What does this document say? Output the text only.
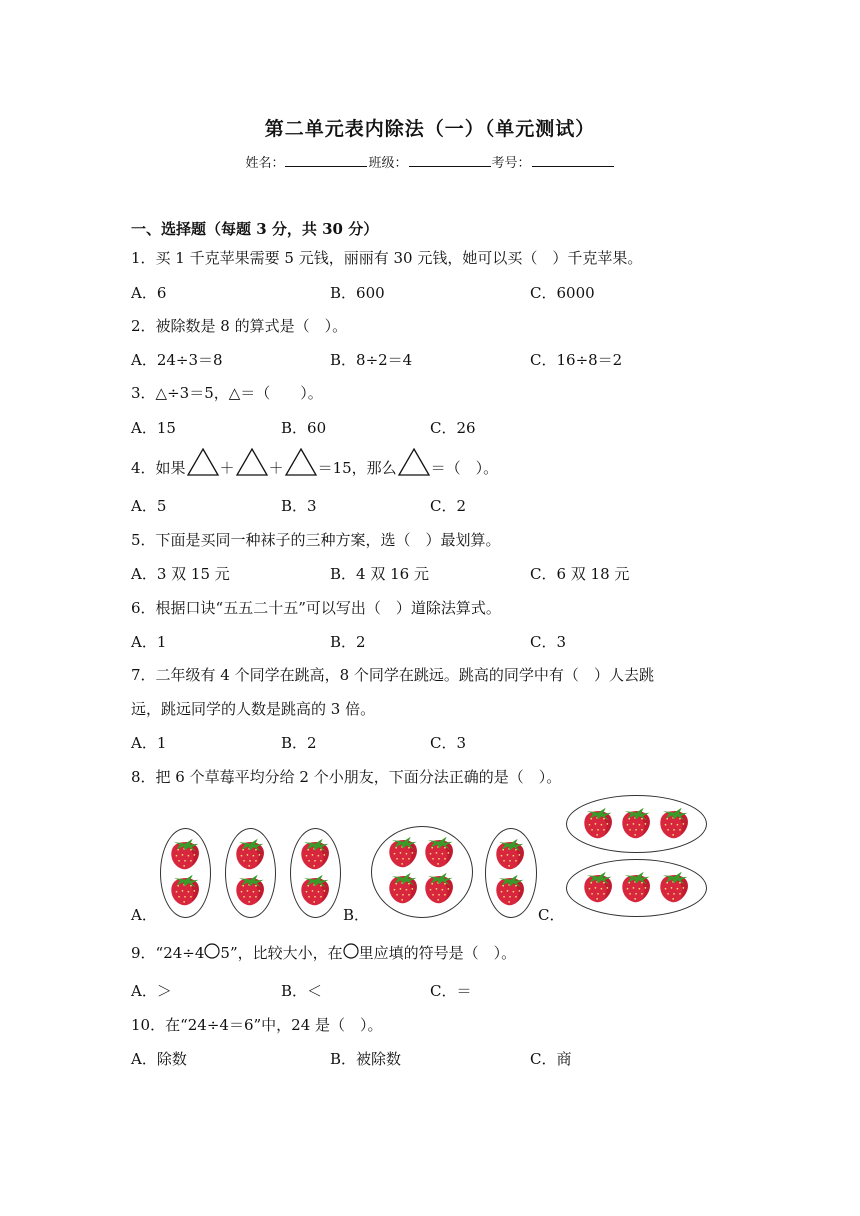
第二单元表内除法（一）（单元测试）
姓名：	班级：	考号：
一、选择题（每题 3 分，共 30 分）
1．买 1 千克苹果需要 5 元钱，丽丽有 30 元钱，她可以买（　）千克苹果。
A．6	B．600	C．6000
2．被除数是 8 的算式是（　）。
A．24÷3＝8	B．8÷2＝4	C．16÷8＝2
3．△÷3＝5，△＝（　　）。
A．15	B．60	C．26
4．如果 ＋ ＋ ＝15，那么 ＝（　）。
A．5	B．3	C．2
5．下面是买同一种袜子的三种方案，选（　）最划算。
A．3 双 15 元	B．4 双 16 元	C．6 双 18 元
6．根据口诀“五五二十五”可以写出（　）道除法算式。
A．1	B．2	C．3
7．二年级有 4 个同学在跳高，8 个同学在跳远。跳高的同学中有（　）人去跳
远，跳远同学的人数是跳高的 3 倍。
A．1	B．2	C．3
8．把 6 个草莓平均分给 2 个小朋友，下面分法正确的是（　）。
A．	B．	C．
9．“24÷4 5”，比较大小，在 里应填的符号是（　）。
A．＞	B．＜	C．＝
10．在“24÷4＝6”中，24 是（　）。
A．除数	B．被除数	C．商
